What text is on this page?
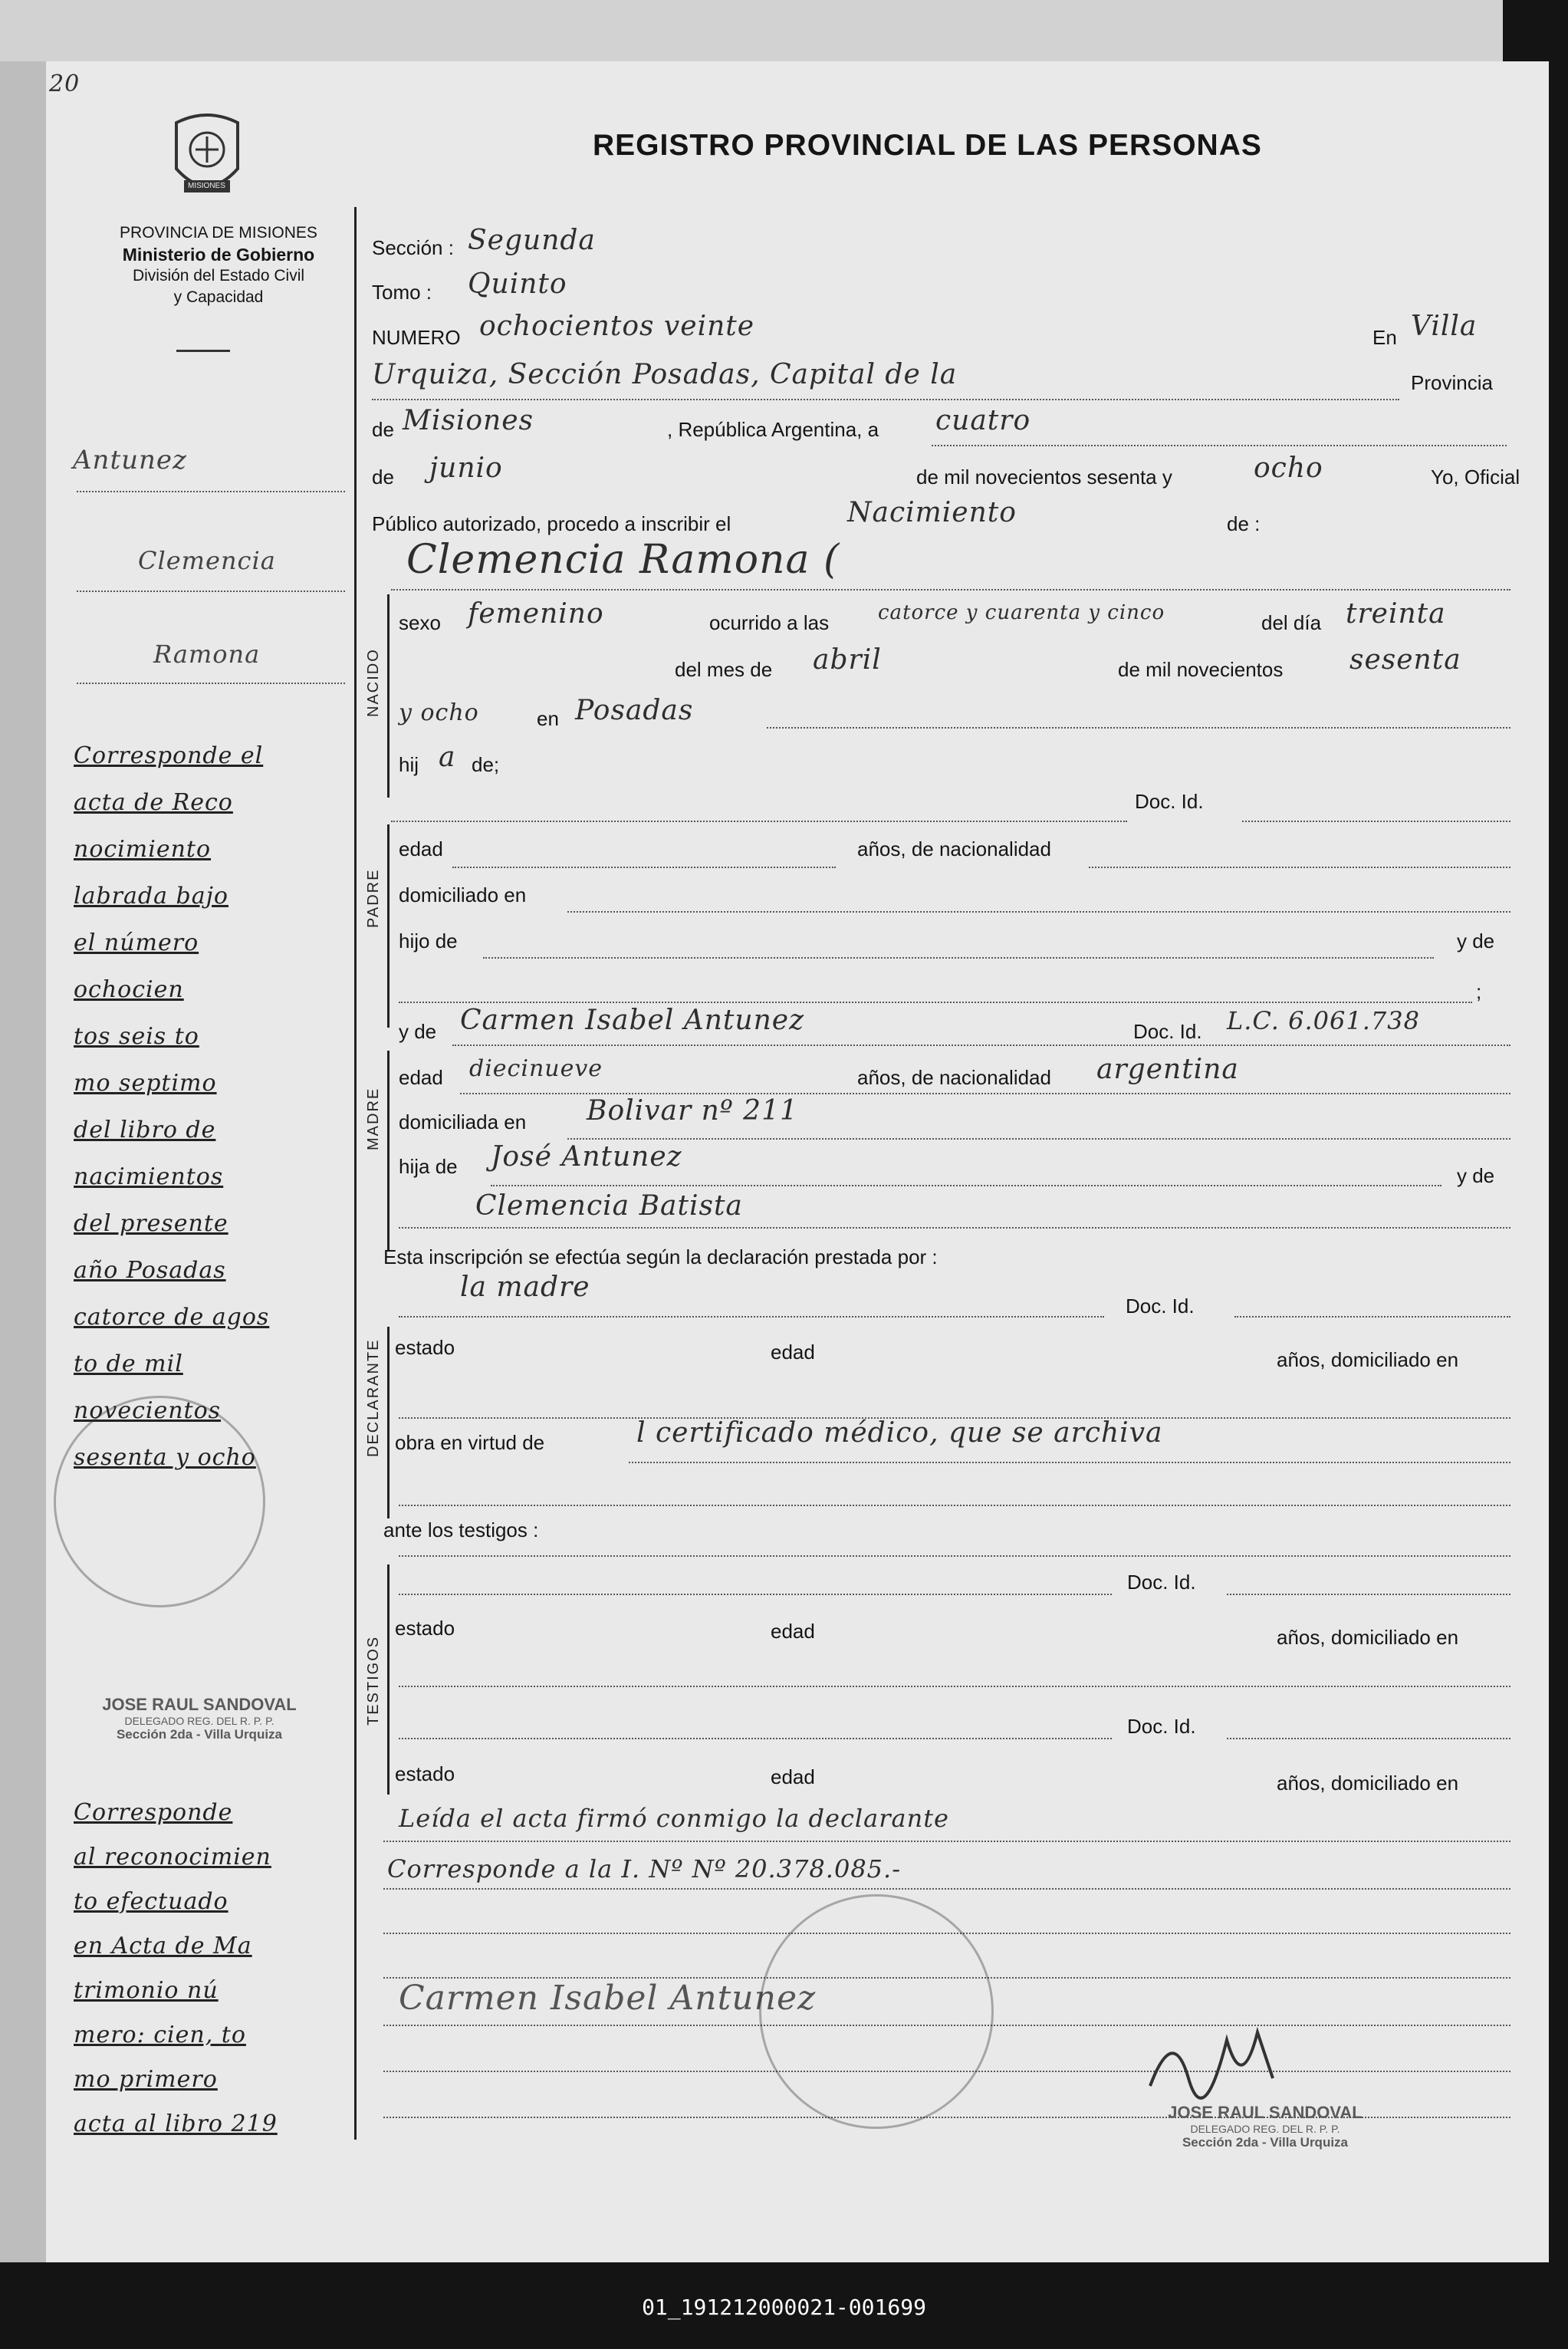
20
MISIONES
REGISTRO PROVINCIAL DE LAS PERSONAS
PROVINCIA DE MISIONES
Ministerio de Gobierno
División del Estado Civil
y Capacidad
Sección : Segunda
Tomo : Quinto
NUMERO ochocientos veinte	En Villa
Urquiza, Sección Posadas, Capital de la	Provincia
de Misiones	, República Argentina, a cuatro
de junio	de mil novecientos sesenta y	ocho	Yo, Oficial
Público autorizado, procedo a inscribir el	Nacimiento	de :
Clemencia Ramona (
NACIDO
sexo femenino	ocurrido a las catorce y cuarenta y cinco	del día treinta
del mes de abril	de mil novecientos sesenta
y ocho	en Posadas
hij a de;
Doc. Id.
PADRE
edad	años, de nacionalidad
domiciliado en
hijo de	y de
;
y de Carmen Isabel Antunez	Doc. Id. L.C. 6.061.738
MADRE
edad diecinueve	años, de nacionalidad argentina
domiciliada en Bolivar nº 211
hija de José Antunez
y de
Clemencia Batista
Esta inscripción se efectúa según la declaración prestada por :
la madre
Doc. Id.
DECLARANTE estado	edad	años, domiciliado en
obra en virtud de	l certificado médico, que se archiva
ante los testigos :
Doc. Id.
TESTIGOS
estado	edad	años, domiciliado en
Doc. Id.
estado	edad	años, domiciliado en
Leída el acta firmó conmigo la declarante
Corresponde a la I. Nº Nº 20.378.085.-
Carmen Isabel Antunez
Antunez
Clemencia
Ramona
Corresponde el
acta de Reco
nocimiento
labrada bajo
el número
ochocien
tos seis to
mo septimo
del libro de
nacimientos
del presente
año Posadas
catorce de agos
to de mil
novecientos
sesenta y ocho
JOSE RAUL SANDOVAL
DELEGADO REG. DEL R. P. P.
Sección 2da - Villa Urquiza
Corresponde
al reconocimien
to efectuado
en Acta de Ma
trimonio nú
mero: cien, to
mo primero
acta al libro 219	JOSE RAUL SANDOVAL
DELEGADO REG. DEL R. P. P.
Sección 2da - Villa Urquiza
01_191212000021-001699
